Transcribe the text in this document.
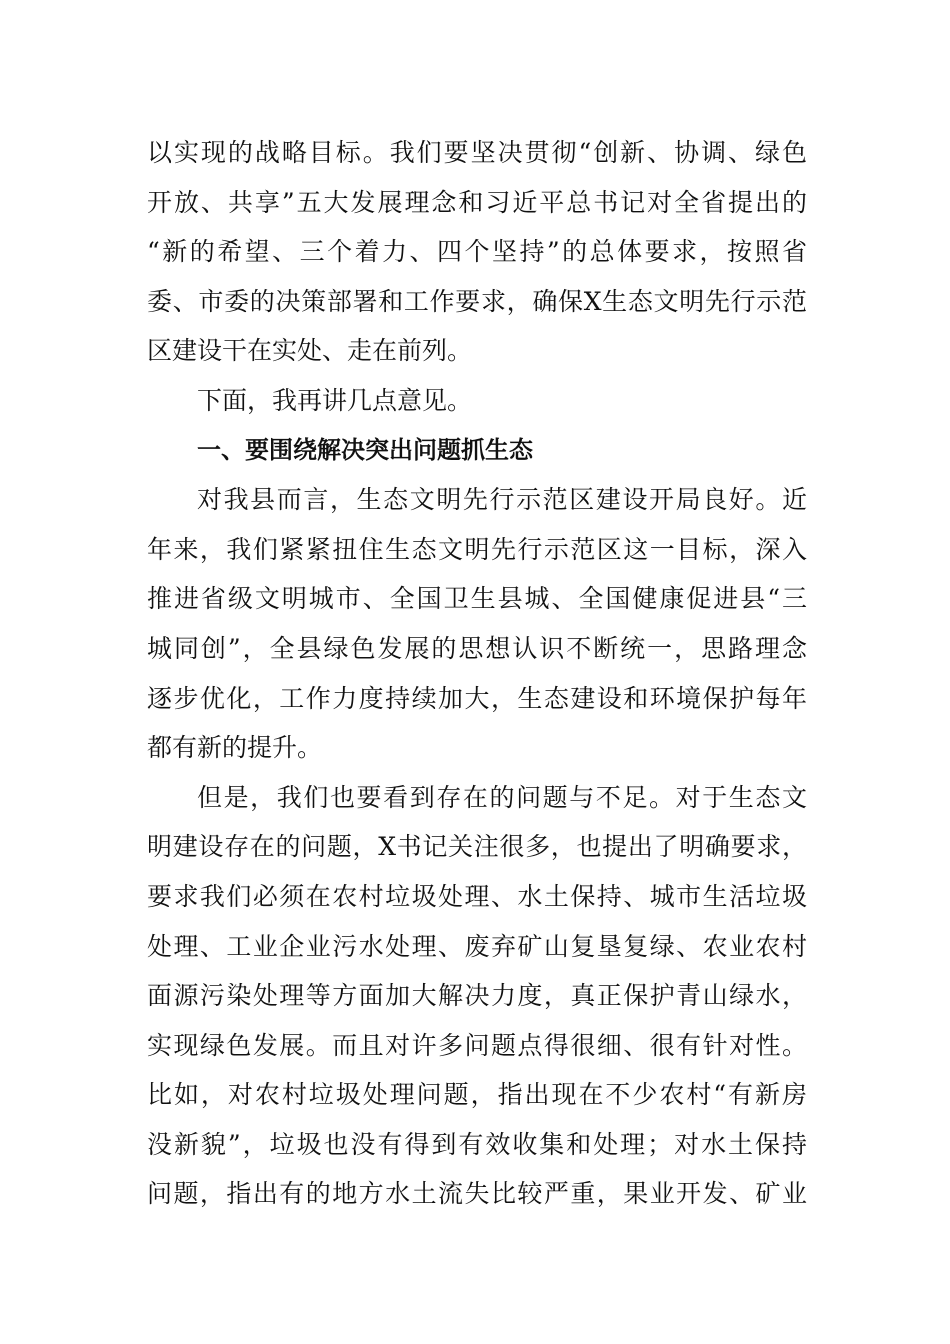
以实现的战略目标。我们要坚决贯彻“创新、协调、绿色
开放、共享”五大发展理念和习近平总书记对全省提出的
“新的希望、三个着力、四个坚持”的总体要求，按照省
委、市委的决策部署和工作要求，确保X生态文明先行示范
区建设干在实处、走在前列。
下面，我再讲几点意见。
一、要围绕解决突出问题抓生态
对我县而言，生态文明先行示范区建设开局良好。近
年来，我们紧紧扭住生态文明先行示范区这一目标，深入
推进省级文明城市、全国卫生县城、全国健康促进县“三
城同创”，全县绿色发展的思想认识不断统一，思路理念
逐步优化，工作力度持续加大，生态建设和环境保护每年
都有新的提升。
但是，我们也要看到存在的问题与不足。对于生态文
明建设存在的问题，X书记关注很多，也提出了明确要求，
要求我们必须在农村垃圾处理、水土保持、城市生活垃圾
处理、工业企业污水处理、废弃矿山复垦复绿、农业农村
面源污染处理等方面加大解决力度，真正保护青山绿水，
实现绿色发展。而且对许多问题点得很细、很有针对性。
比如，对农村垃圾处理问题，指出现在不少农村“有新房
没新貌”，垃圾也没有得到有效收集和处理；对水土保持
问题，指出有的地方水土流失比较严重，果业开发、矿业
